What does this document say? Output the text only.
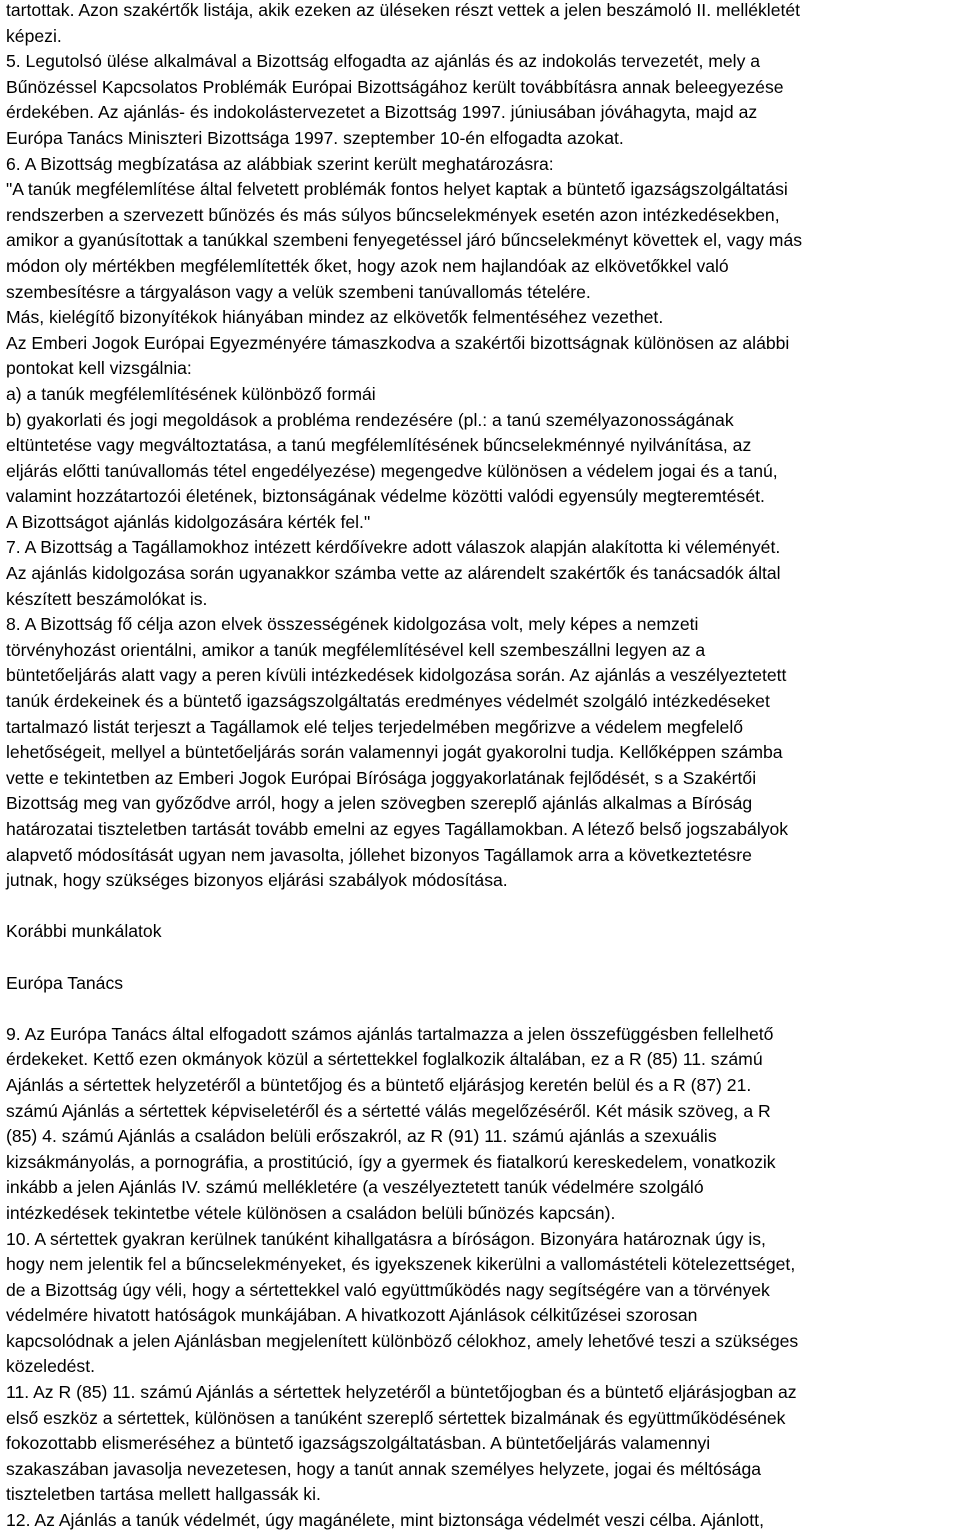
tartottak. Azon szakértők listája, akik ezeken az üléseken részt vettek a jelen beszámoló II. mellékletét
képezi.
5. Legutolsó ülése alkalmával a Bizottság elfogadta az ajánlás és az indokolás tervezetét, mely a
Bűnözéssel Kapcsolatos Problémák Európai Bizottságához került továbbításra annak beleegyezése
érdekében. Az ajánlás- és indokolástervezetet a Bizottság 1997. júniusában jóváhagyta, majd az
Európa Tanács Miniszteri Bizottsága 1997. szeptember 10-én elfogadta azokat.
6. A Bizottság megbízatása az alábbiak szerint került meghatározásra:
"A tanúk megfélemlítése által felvetett problémák fontos helyet kaptak a büntető igazságszolgáltatási
rendszerben a szervezett bűnözés és más súlyos bűncselekmények esetén azon intézkedésekben,
amikor a gyanúsítottak a tanúkkal szembeni fenyegetéssel járó bűncselekményt követtek el, vagy más
módon oly mértékben megfélemlítették őket, hogy azok nem hajlandóak az elkövetőkkel való
szembesítésre a tárgyaláson vagy a velük szembeni tanúvallomás tételére.
Más, kielégítő bizonyítékok hiányában mindez az elkövetők felmentéséhez vezethet.
Az Emberi Jogok Európai Egyezményére támaszkodva a szakértői bizottságnak különösen az alábbi
pontokat kell vizsgálnia:
a) a tanúk megfélemlítésének különböző formái
b) gyakorlati és jogi megoldások a probléma rendezésére (pl.: a tanú személyazonosságának
eltüntetése vagy megváltoztatása, a tanú megfélemlítésének bűncselekménnyé nyilvánítása, az
eljárás előtti tanúvallomás tétel engedélyezése) megengedve különösen a védelem jogai és a tanú,
valamint hozzátartozói életének, biztonságának védelme közötti valódi egyensúly megteremtését.
A Bizottságot ajánlás kidolgozására kérték fel."
7. A Bizottság a Tagállamokhoz intézett kérdőívekre adott válaszok alapján alakította ki véleményét.
Az ajánlás kidolgozása során ugyanakkor számba vette az alárendelt szakértők és tanácsadók által
készített beszámolókat is.
8. A Bizottság fő célja azon elvek összességének kidolgozása volt, mely képes a nemzeti
törvényhozást orientálni, amikor a tanúk megfélemlítésével kell szembeszállni legyen az a
büntetőeljárás alatt vagy a peren kívüli intézkedések kidolgozása során. Az ajánlás a veszélyeztetett
tanúk érdekeinek és a büntető igazságszolgáltatás eredményes védelmét szolgáló intézkedéseket
tartalmazó listát terjeszt a Tagállamok elé teljes terjedelmében megőrizve a védelem megfelelő
lehetőségeit, mellyel a büntetőeljárás során valamennyi jogát gyakorolni tudja. Kellőképpen számba
vette e tekintetben az Emberi Jogok Európai Bírósága joggyakorlatának fejlődését, s a Szakértői
Bizottság meg van győződve arról, hogy a jelen szövegben szereplő ajánlás alkalmas a Bíróság
határozatai tiszteletben tartását tovább emelni az egyes Tagállamokban. A létező belső jogszabályok
alapvető módosítását ugyan nem javasolta, jóllehet bizonyos Tagállamok arra a következtetésre
jutnak, hogy szükséges bizonyos eljárási szabályok módosítása.
Korábbi munkálatok
Európa Tanács
9. Az Európa Tanács által elfogadott számos ajánlás tartalmazza a jelen összefüggésben fellelhető
érdekeket. Kettő ezen okmányok közül a sértettekkel foglalkozik általában, ez a R (85) 11. számú
Ajánlás a sértettek helyzetéről a büntetőjog és a büntető eljárásjog keretén belül és a R (87) 21.
számú Ajánlás a sértettek képviseletéről és a sértetté válás megelőzéséről. Két másik szöveg, a R
(85) 4. számú Ajánlás a családon belüli erőszakról, az R (91) 11. számú ajánlás a szexuális
kizsákmányolás, a pornográfia, a prostitúció, így a gyermek és fiatalkorú kereskedelem, vonatkozik
inkább a jelen Ajánlás IV. számú mellékletére (a veszélyeztetett tanúk védelmére szolgáló
intézkedések tekintetbe vétele különösen a családon belüli bűnözés kapcsán).
10. A sértettek gyakran kerülnek tanúként kihallgatásra a bíróságon. Bizonyára határoznak úgy is,
hogy nem jelentik fel a bűncselekményeket, és igyekszenek kikerülni a vallomástételi kötelezettséget,
de a Bizottság úgy véli, hogy a sértettekkel való együttműködés nagy segítségére van a törvények
védelmére hivatott hatóságok munkájában. A hivatkozott Ajánlások célkitűzései szorosan
kapcsolódnak a jelen Ajánlásban megjelenített különböző célokhoz, amely lehetővé teszi a szükséges
közeledést.
11. Az R (85) 11. számú Ajánlás a sértettek helyzetéről a büntetőjogban és a büntető eljárásjogban az
első eszköz a sértettek, különösen a tanúként szereplő sértettek bizalmának és együttműködésének
fokozottabb elismeréséhez a büntető igazságszolgáltatásban. A büntetőeljárás valamennyi
szakaszában javasolja nevezetesen, hogy a tanút annak személyes helyzete, jogai és méltósága
tiszteletben tartása mellett hallgassák ki.
12. Az Ajánlás a tanúk védelmét, úgy magánélete, mint biztonsága védelmét veszi célba. Ajánlott,
